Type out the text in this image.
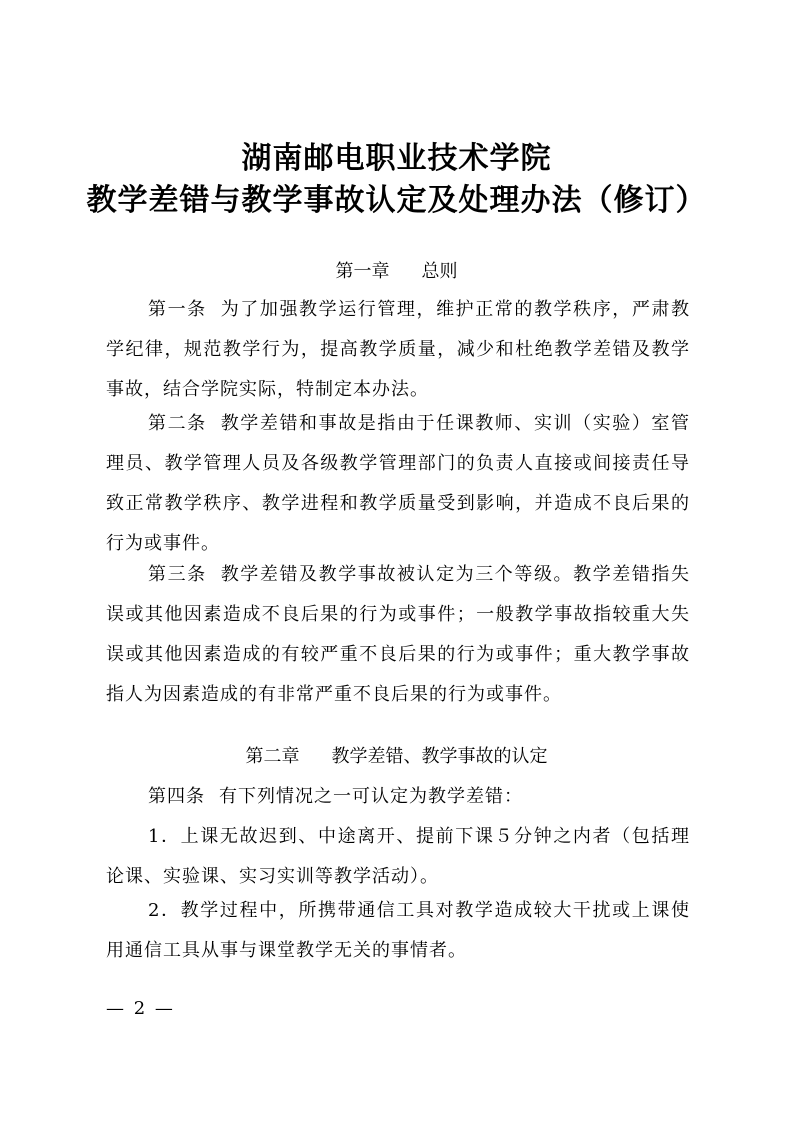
湖南邮电职业技术学院
教学差错与教学事故认定及处理办法（修订）
第一章 总则
第一条 为了加强教学运行管理，维护正常的教学秩序，严肃教学纪律，规范教学行为，提高教学质量，减少和杜绝教学差错及教学事故，结合学院实际，特制定本办法。
第二条 教学差错和事故是指由于任课教师、实训（实验）室管理员、教学管理人员及各级教学管理部门的负责人直接或间接责任导致正常教学秩序、教学进程和教学质量受到影响，并造成不良后果的行为或事件。
第三条 教学差错及教学事故被认定为三个等级。教学差错指失误或其他因素造成不良后果的行为或事件；一般教学事故指较重大失误或其他因素造成的有较严重不良后果的行为或事件；重大教学事故指人为因素造成的有非常严重不良后果的行为或事件。
第二章 教学差错、教学事故的认定
第四条 有下列情况之一可认定为教学差错：
1．上课无故迟到、中途离开、提前下课５分钟之内者（包括理论课、实验课、实习实训等教学活动）。
2．教学过程中，所携带通信工具对教学造成较大干扰或上课使用通信工具从事与课堂教学无关的事情者。
— 2 —
